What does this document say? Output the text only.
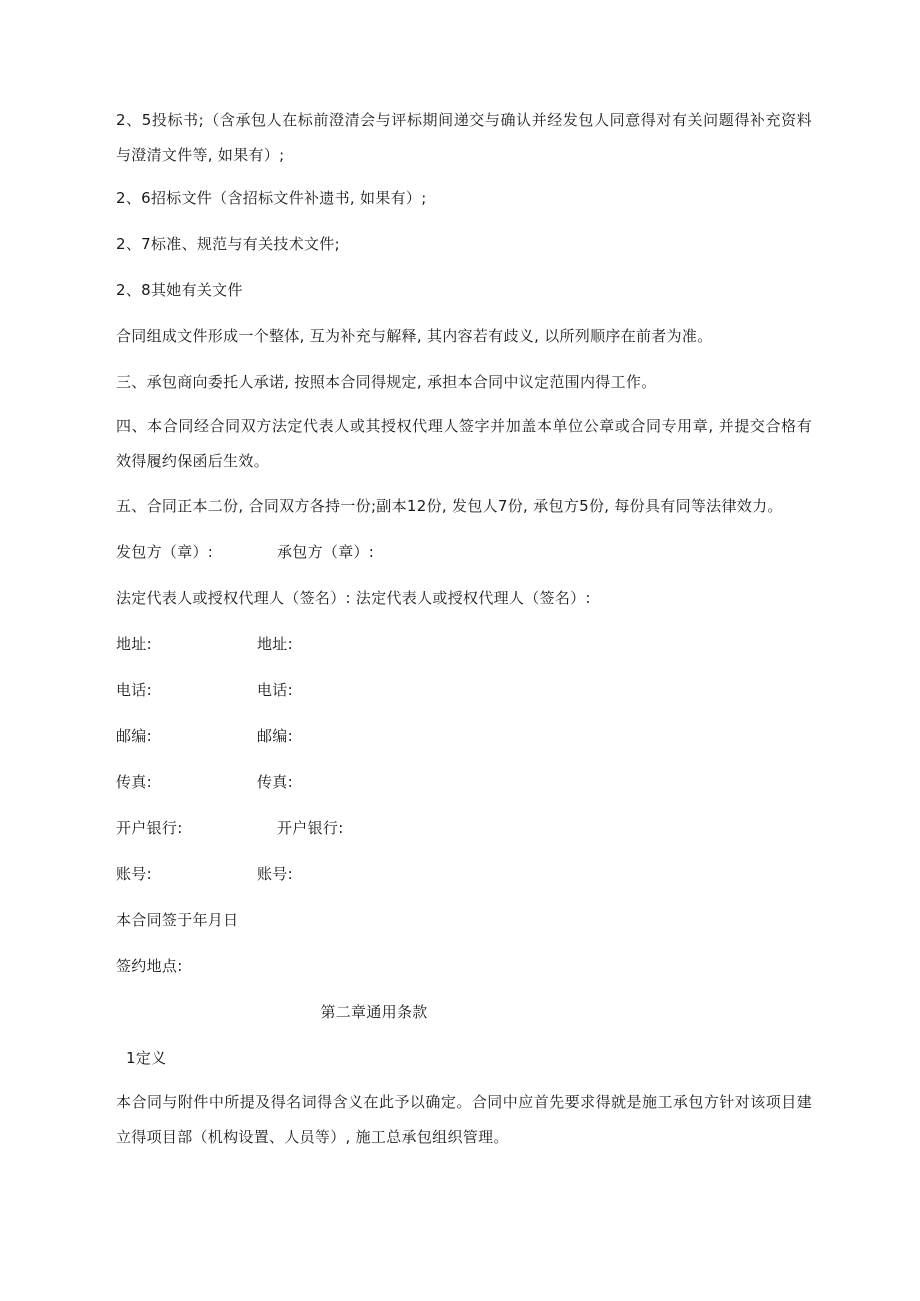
2、5投标书;（含承包人在标前澄清会与评标期间递交与确认并经发包人同意得对有关问题得补充资料与澄清文件等, 如果有）;
2、6招标文件（含招标文件补遗书, 如果有）;
2、7标准、规范与有关技术文件;
2、8其她有关文件
合同组成文件形成一个整体, 互为补充与解释, 其内容若有歧义, 以所列顺序在前者为准。
三、承包商向委托人承诺, 按照本合同得规定, 承担本合同中议定范围内得工作。
四、本合同经合同双方法定代表人或其授权代理人签字并加盖本单位公章或合同专用章, 并提交合格有效得履约保函后生效。
五、合同正本二份, 合同双方各持一份;副本12份, 发包人7份, 承包方5份, 每份具有同等法律效力。
发包方（章）:	承包方（章）:
法定代表人或授权代理人（签名）: 法定代表人或授权代理人（签名）:
地址:	地址:
电话:	电话:
邮编:	邮编:
传真:	传真:
开户银行:	开户银行:
账号:	账号:
本合同签于年月日
签约地点:
第二章通用条款
1定义
本合同与附件中所提及得名词得含义在此予以确定。合同中应首先要求得就是施工承包方针对该项目建立得项目部（机构设置、人员等）, 施工总承包组织管理。
